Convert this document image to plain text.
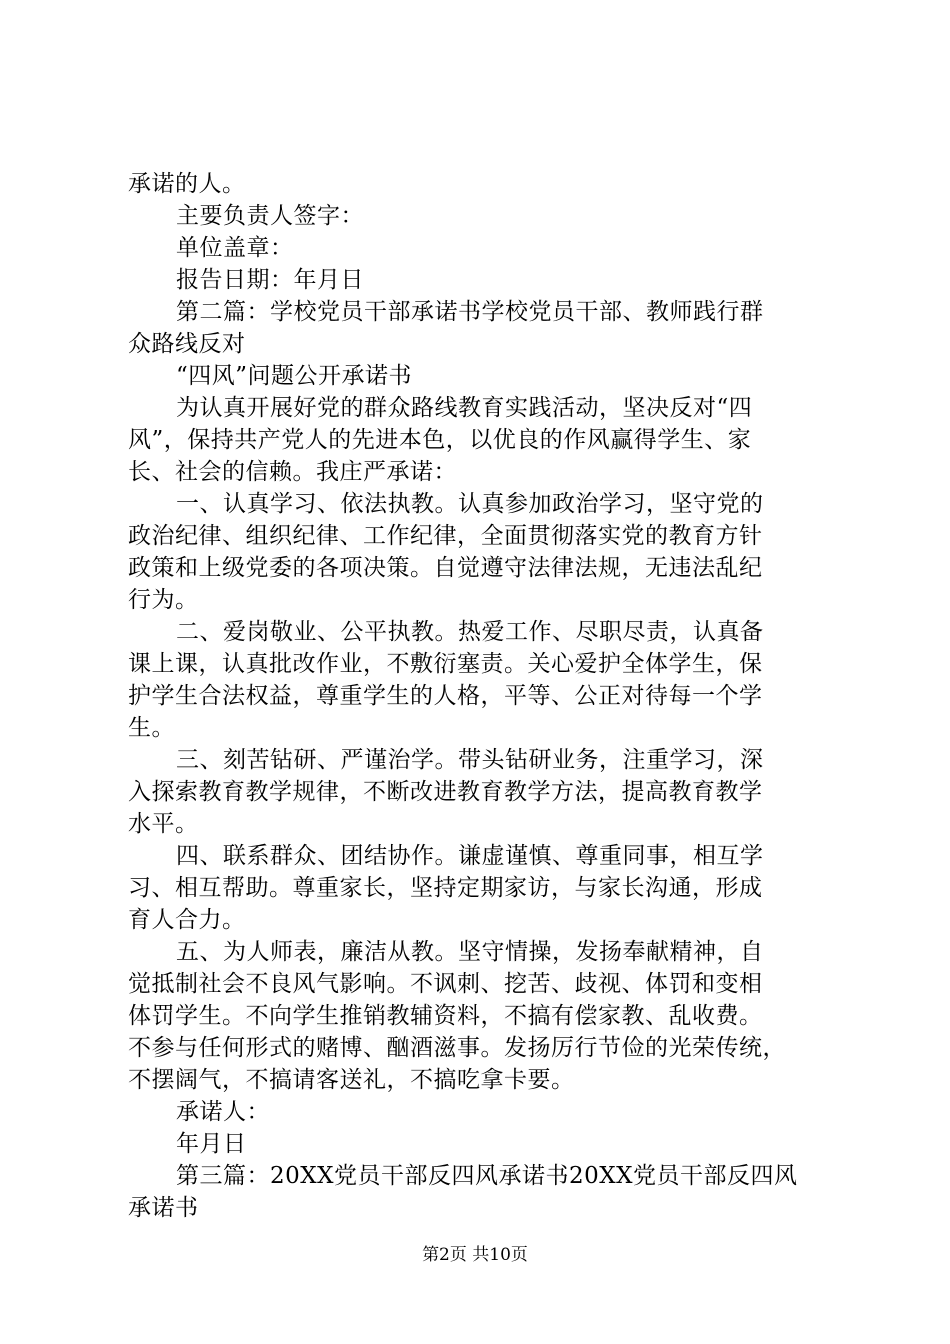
承诺的人。
主要负责人签字：
单位盖章：
报告日期：年月日
第二篇：学校党员干部承诺书学校党员干部、教师践行群
众路线反对
“四风”问题公开承诺书
为认真开展好党的群众路线教育实践活动，坚决反对“四
风”，保持共产党人的先进本色，以优良的作风赢得学生、家
长、社会的信赖。我庄严承诺：
一、认真学习、依法执教。认真参加政治学习，坚守党的
政治纪律、组织纪律、工作纪律，全面贯彻落实党的教育方针
政策和上级党委的各项决策。自觉遵守法律法规，无违法乱纪
行为。
二、爱岗敬业、公平执教。热爱工作、尽职尽责，认真备
课上课，认真批改作业，不敷衍塞责。关心爱护全体学生，保
护学生合法权益，尊重学生的人格，平等、公正对待每一个学
生。
三、刻苦钻研、严谨治学。带头钻研业务，注重学习，深
入探索教育教学规律，不断改进教育教学方法，提高教育教学
水平。
四、联系群众、团结协作。谦虚谨慎、尊重同事，相互学
习、相互帮助。尊重家长，坚持定期家访，与家长沟通，形成
育人合力。
五、为人师表，廉洁从教。坚守情操，发扬奉献精神，自
觉抵制社会不良风气影响。不讽刺、挖苦、歧视、体罚和变相
体罚学生。不向学生推销教辅资料，不搞有偿家教、乱收费。
不参与任何形式的赌博、酗酒滋事。发扬厉行节俭的光荣传统，
不摆阔气，不搞请客送礼，不搞吃拿卡要。
承诺人：
年月日
第三篇：20XX党员干部反四风承诺书20XX党员干部反四风
承诺书
第2页 共10页
